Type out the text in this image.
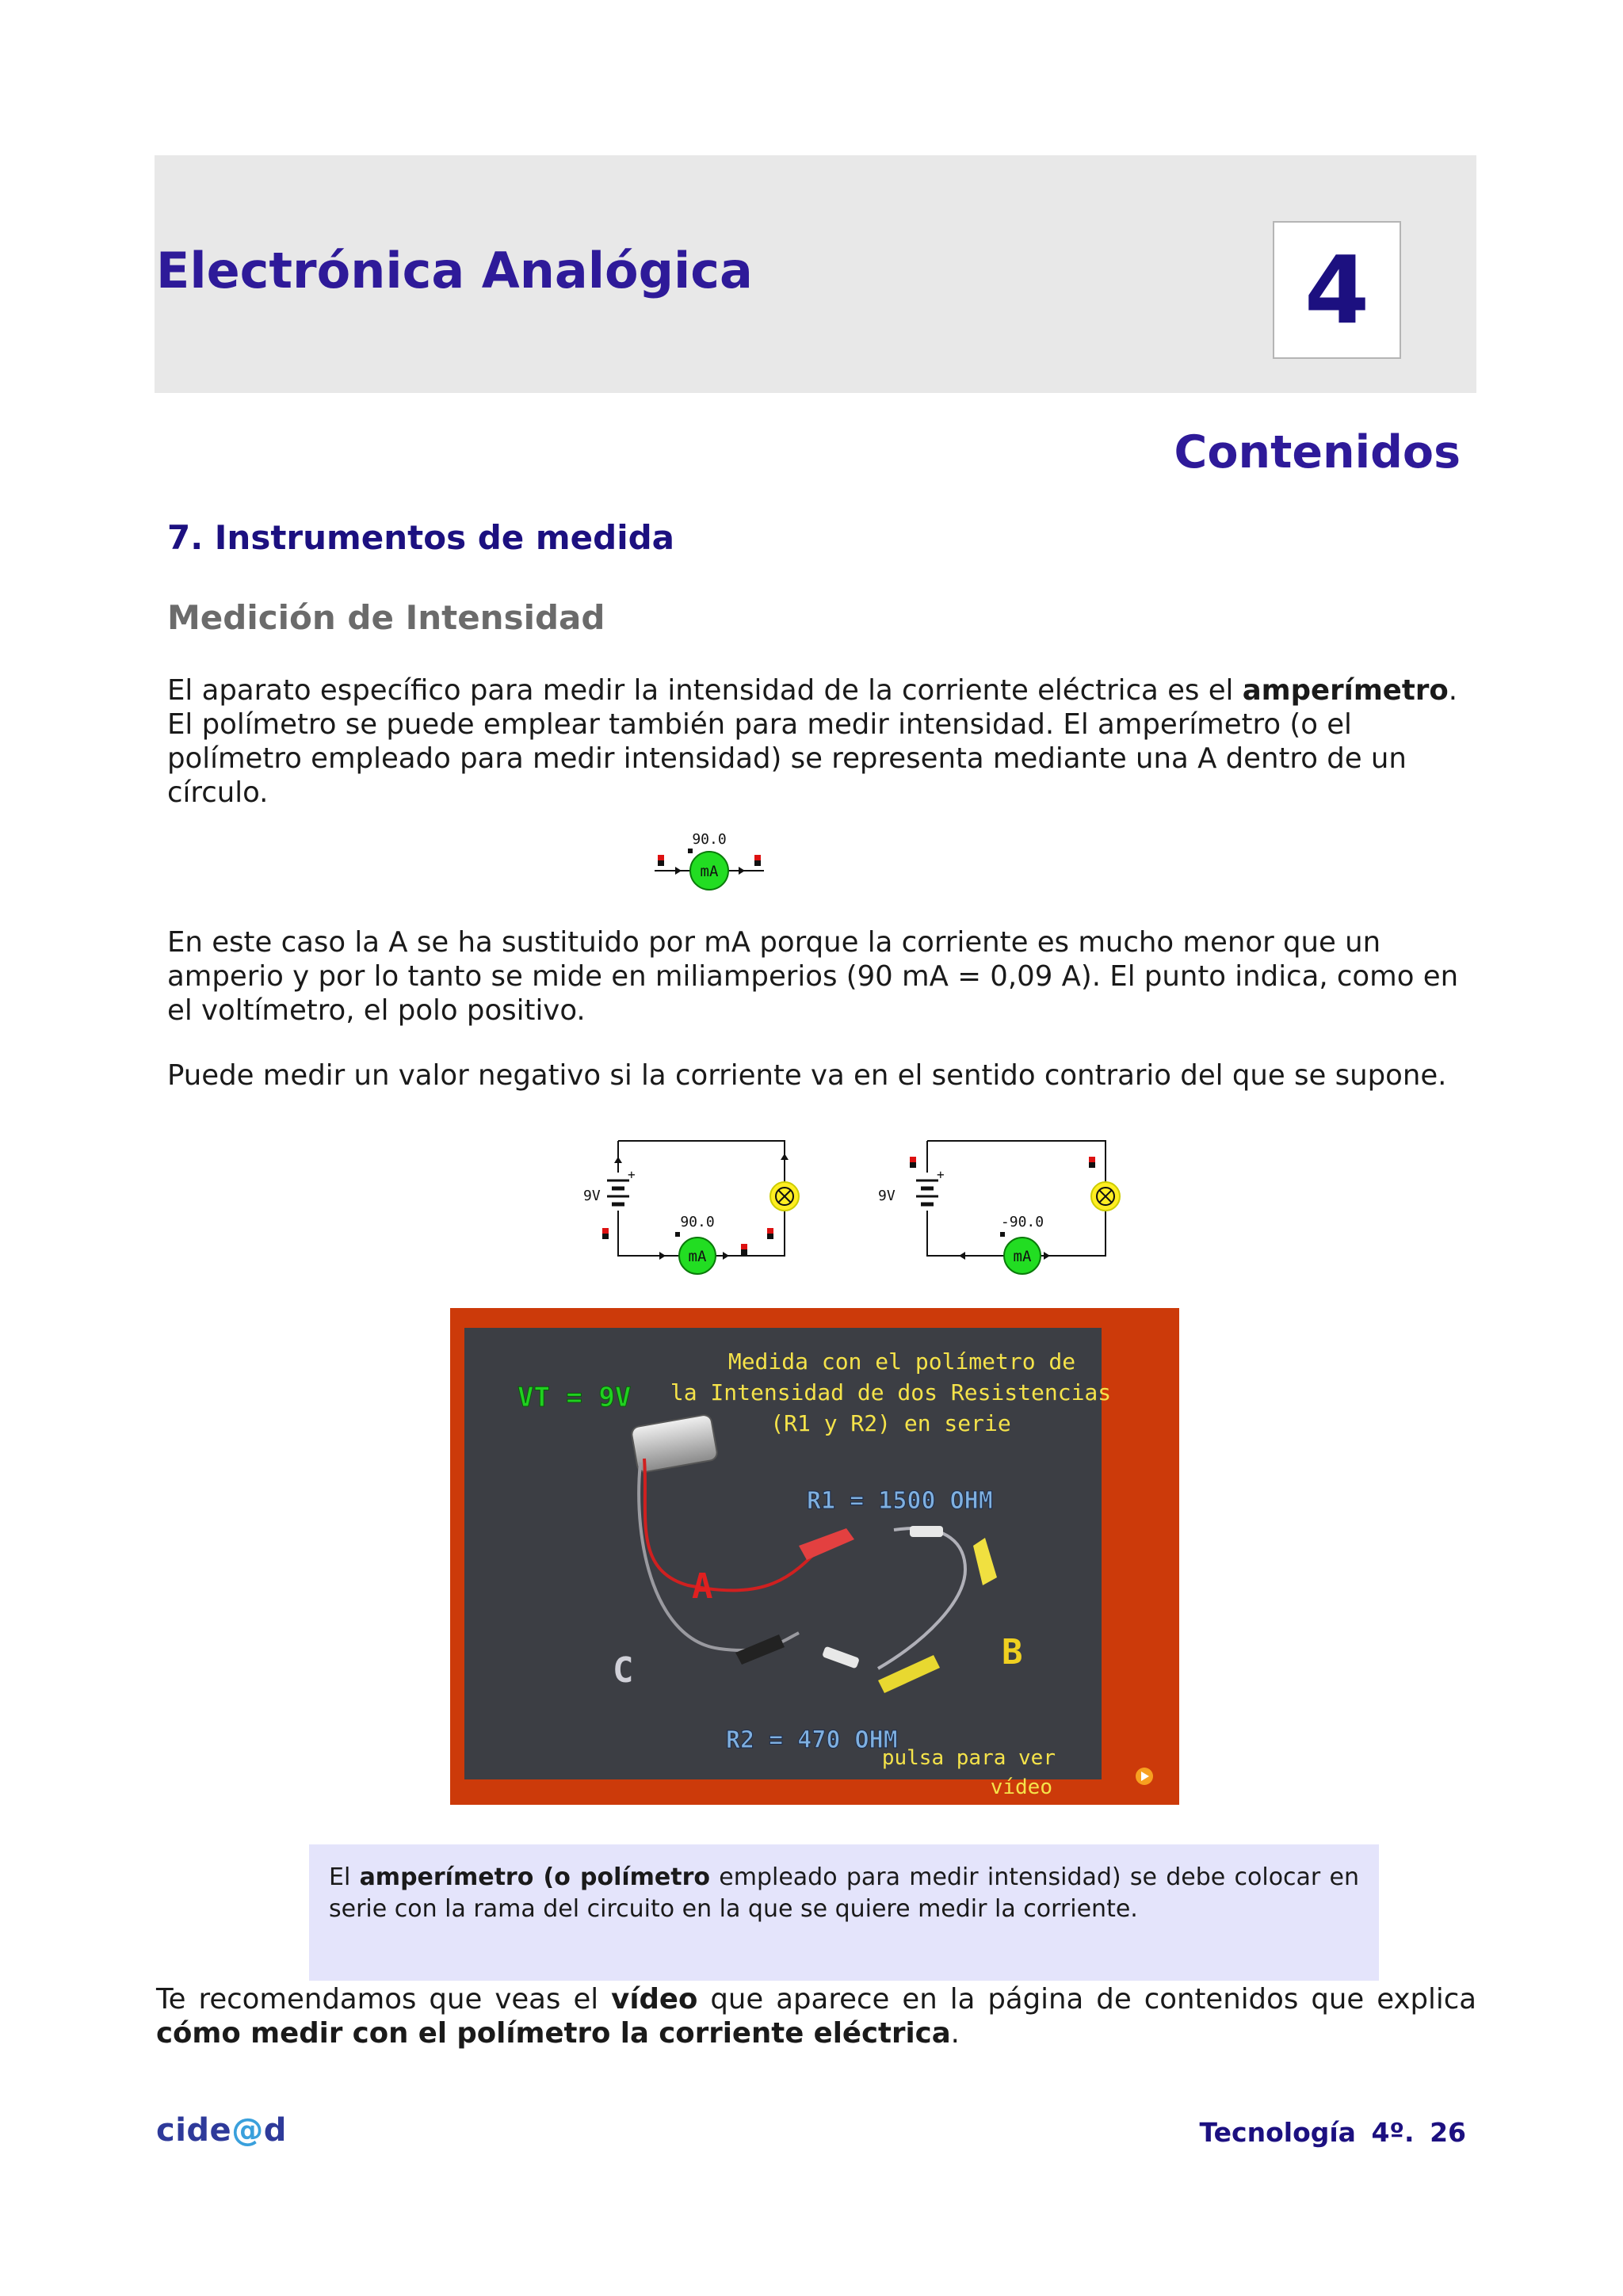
Electrónica Analógica	4
Contenidos
7. Instrumentos de medida
Medición de Intensidad
El aparato específico para medir la intensidad de la corriente eléctrica es el amperímetro. El polímetro se puede emplear también para medir intensidad. El amperímetro (o el polímetro empleado para medir intensidad) se representa mediante una A dentro de un círculo.
90.0
mA
En este caso la A se ha sustituido por mA porque la corriente es mucho menor que un amperio y por lo tanto se mide en miliamperios (90 mA = 0,09 A). El punto indica, como en el voltímetro, el polo positivo.
Puede medir un valor negativo si la corriente va en el sentido contrario del que se supone.
9V
+
90.0
mA
9V
+
-90.0
mA
VT = 9V
Medida con el polímetro de
la Intensidad de dos Resistencias
(R1 y R2) en serie
R1 = 1500 OHM
R2 = 470 OHM
A
B
C
pulsa para ver
vídeo
El amperímetro (o polímetro empleado para medir intensidad) se debe colocar en serie con la rama del circuito en la que se quiere medir la corriente.
Te recomendamos que veas el vídeo que aparece en la página de contenidos que explica cómo medir con el polímetro la corriente eléctrica.
cide@d	Tecnología 4º. 26
